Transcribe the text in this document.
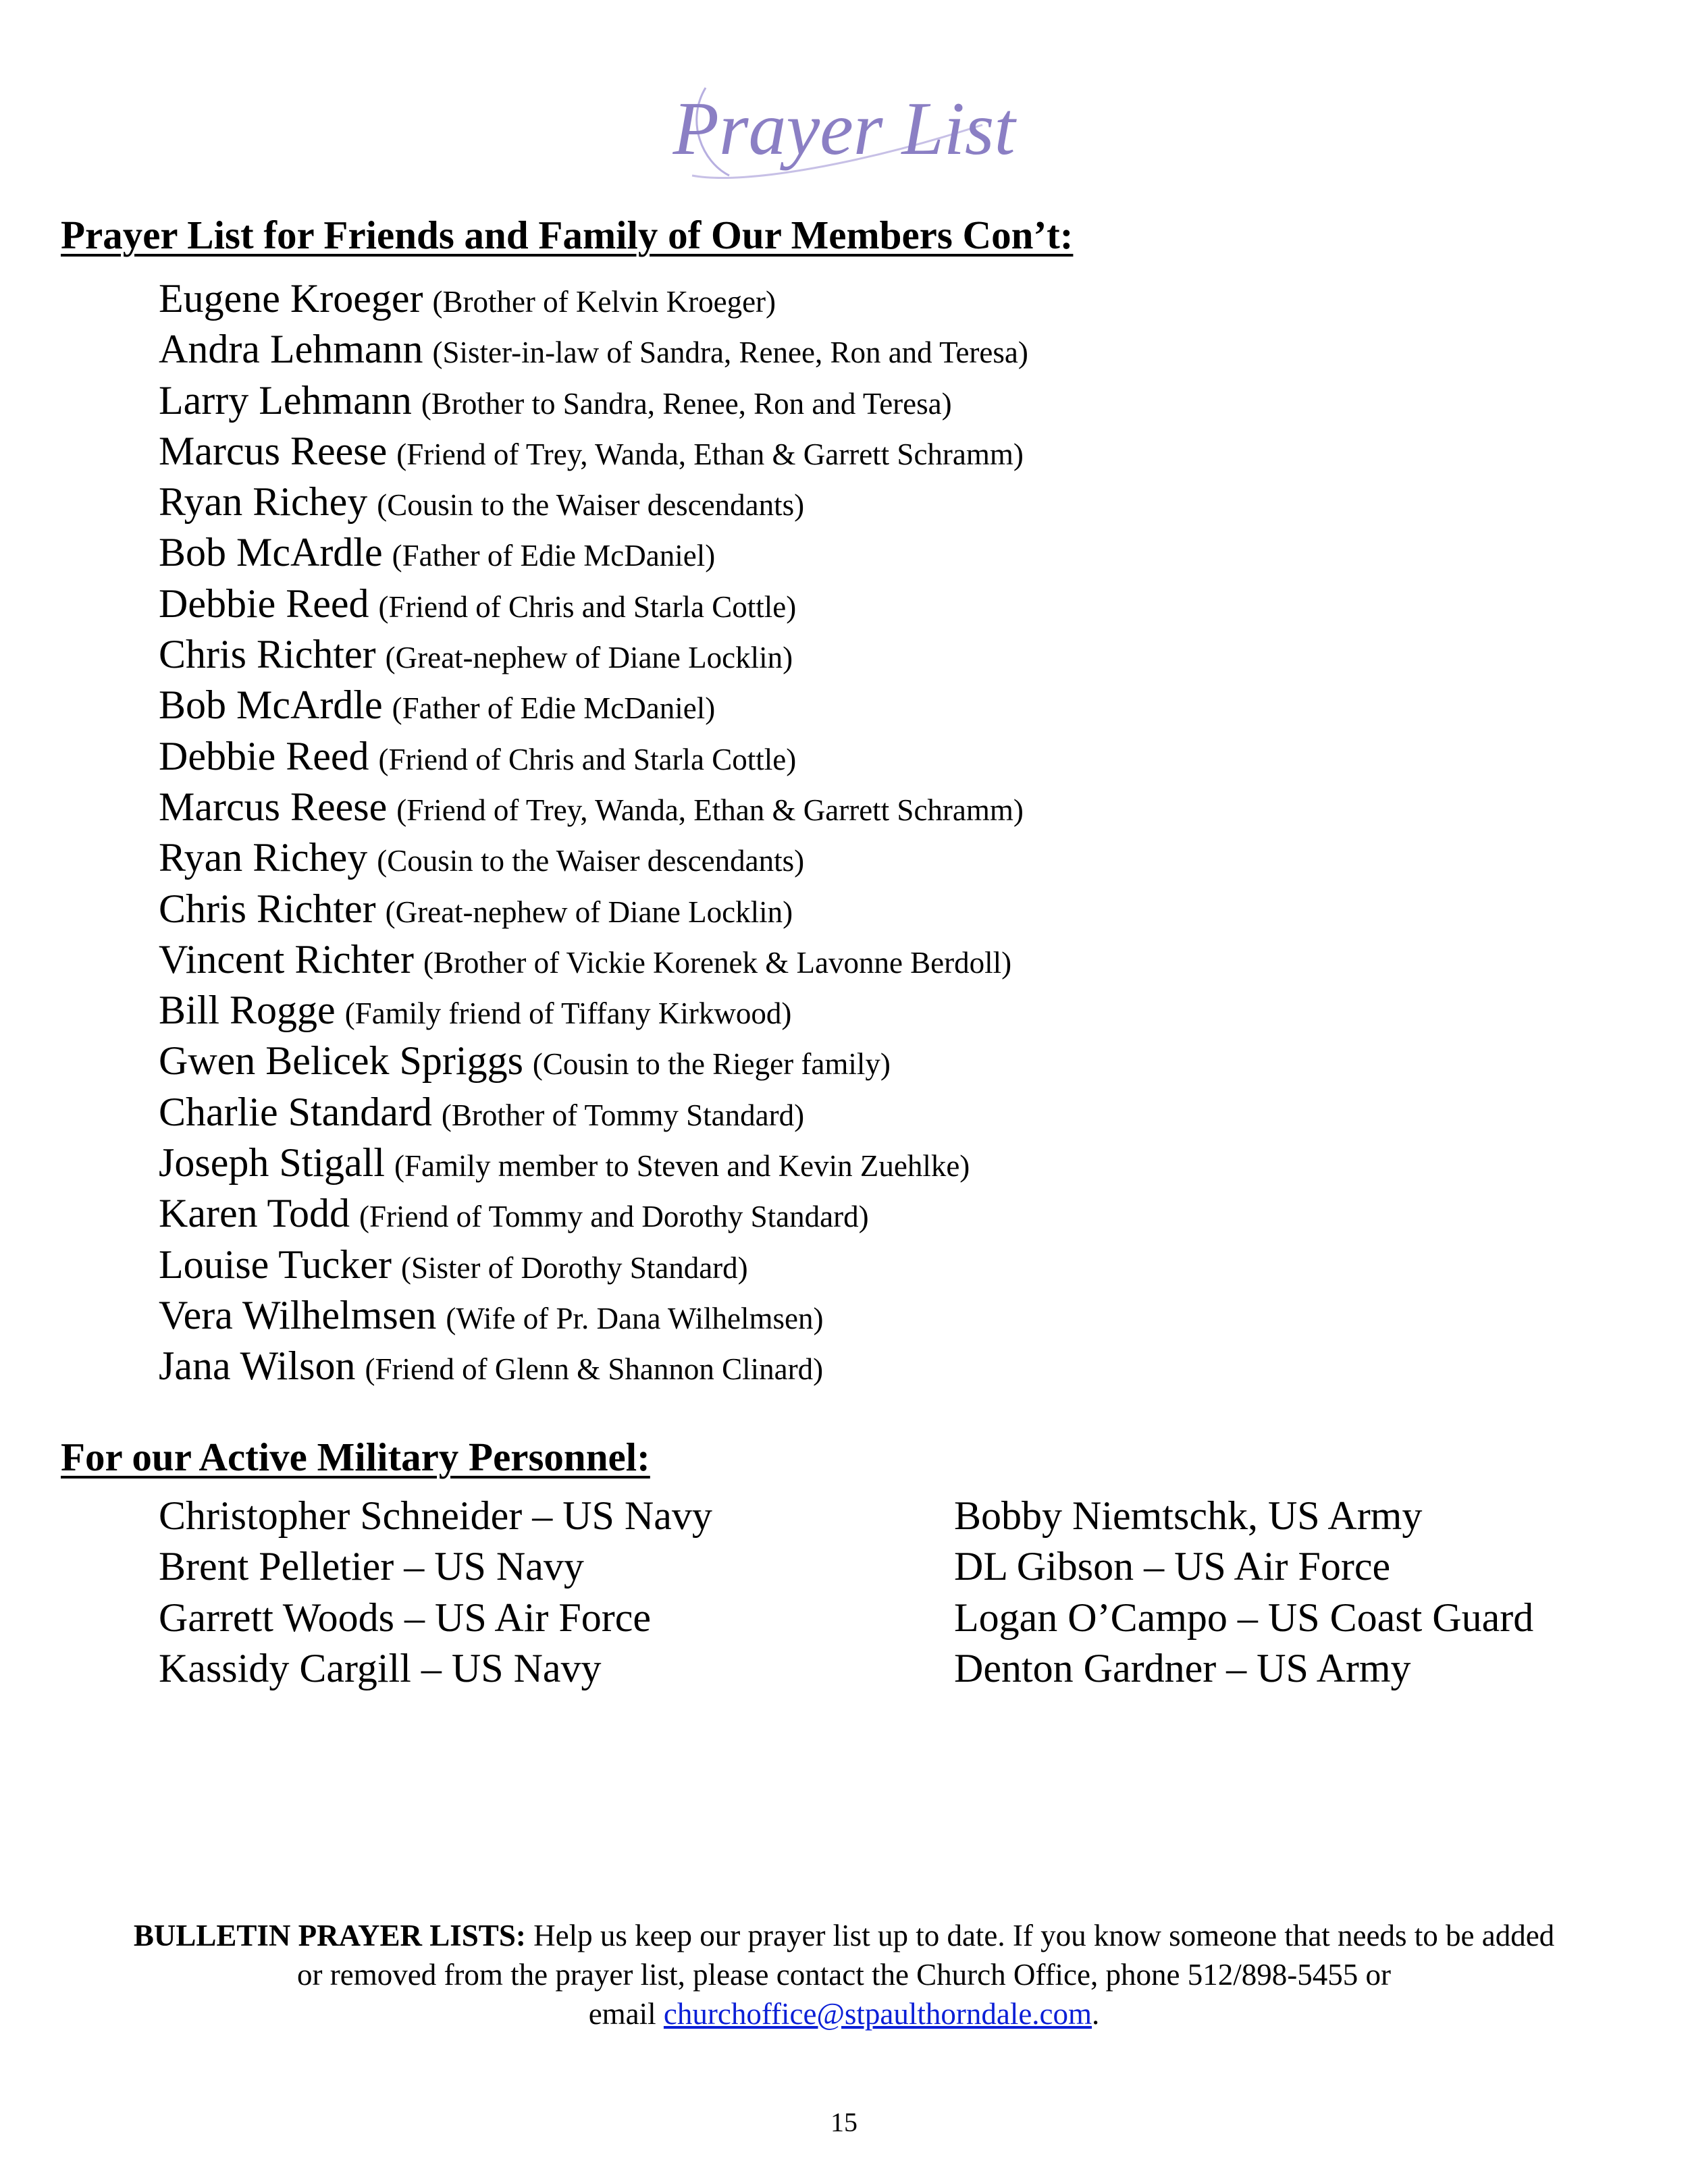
Prayer List
Prayer List for Friends and Family of Our Members Con’t:
Eugene Kroeger (Brother of Kelvin Kroeger)
Andra Lehmann (Sister-in-law of Sandra, Renee, Ron and Teresa)
Larry Lehmann (Brother to Sandra, Renee, Ron and Teresa)
Marcus Reese (Friend of Trey, Wanda, Ethan & Garrett Schramm)
Ryan Richey (Cousin to the Waiser descendants)
Bob McArdle (Father of Edie McDaniel)
Debbie Reed (Friend of Chris and Starla Cottle)
Chris Richter (Great-nephew of Diane Locklin)
Bob McArdle (Father of Edie McDaniel)
Debbie Reed (Friend of Chris and Starla Cottle)
Marcus Reese (Friend of Trey, Wanda, Ethan & Garrett Schramm)
Ryan Richey (Cousin to the Waiser descendants)
Chris Richter (Great-nephew of Diane Locklin)
Vincent Richter (Brother of Vickie Korenek & Lavonne Berdoll)
Bill Rogge (Family friend of Tiffany Kirkwood)
Gwen Belicek Spriggs (Cousin to the Rieger family)
Charlie Standard (Brother of Tommy Standard)
Joseph Stigall (Family member to Steven and Kevin Zuehlke)
Karen Todd (Friend of Tommy and Dorothy Standard)
Louise Tucker (Sister of Dorothy Standard)
Vera Wilhelmsen (Wife of Pr. Dana Wilhelmsen)
Jana Wilson (Friend of Glenn & Shannon Clinard)
For our Active Military Personnel:
Christopher Schneider – US Navy
Brent Pelletier – US Navy
Garrett Woods – US Air Force
Kassidy Cargill – US Navy
Bobby Niemtschk, US Army
DL Gibson – US Air Force
Logan O’Campo – US Coast Guard
Denton Gardner – US Army
BULLETIN PRAYER LISTS: Help us keep our prayer list up to date. If you know someone that needs to be added
or removed from the prayer list, please contact the Church Office, phone 512/898-5455 or
email churchoffice@stpaulthorndale.com.
15
